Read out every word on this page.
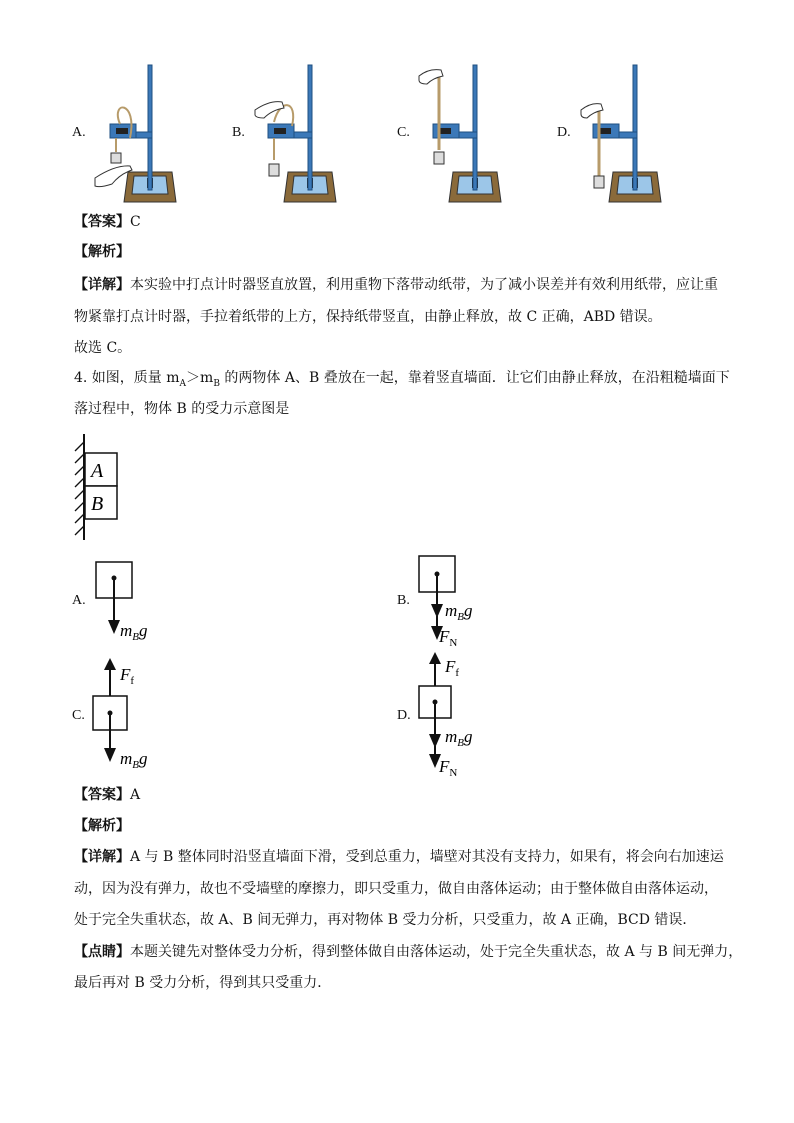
A.	B.	C.	D.
【答案】C
【解析】
【详解】本实验中打点计时器竖直放置，利用重物下落带动纸带，为了减小误差并有效利用纸带，应让重
物紧靠打点计时器，手拉着纸带的上方，保持纸带竖直，由静止释放，故 C 正确，ABD 错误。
故选 C。
4. 如图，质量 $m_A>m_B$ 的两物体 A、B 叠放在一起，靠着竖直墙面．让它们由静止释放，在沿粗糙墙面下
落过程中，物体 B 的受力示意图是
A
B
A.
$m_Bg$
B.
$m_Bg$
$F_N$
C.
$F_f$
$m_Bg$
D.
$F_f$
$m_Bg$
$F_N$
【答案】A
【解析】
【详解】A 与 B 整体同时沿竖直墙面下滑，受到总重力，墙壁对其没有支持力，如果有，将会向右加速运
动，因为没有弹力，故也不受墙壁的摩擦力，即只受重力，做自由落体运动；由于整体做自由落体运动，
处于完全失重状态，故 A、B 间无弹力，再对物体 B 受力分析，只受重力，故 A 正确，BCD 错误．
【点睛】本题关键先对整体受力分析，得到整体做自由落体运动，处于完全失重状态，故 A 与 B 间无弹力，
最后再对 B 受力分析，得到其只受重力．
